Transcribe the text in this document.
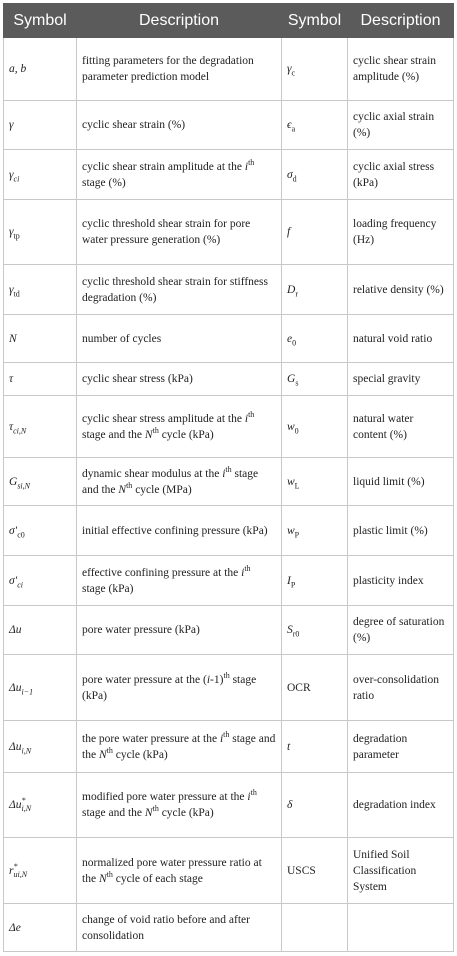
Symbol	Description	Symbol	Description
a, b	fitting parameters for the degradation parameter prediction model	$\gamma_c$	cyclic shear strain amplitude (%)
γ	cyclic shear strain (%)	$\epsilon_a$	cyclic axial strain (%)
$\gamma_{ci}$	cyclic shear strain amplitude at the $i^{th}$ stage (%)	$\sigma_d$	cyclic axial stress (kPa)
$\gamma_{tp}$	cyclic threshold shear strain for pore water pressure generation (%)	f	loading frequency (Hz)
$\gamma_{td}$	cyclic threshold shear strain for stiffness degradation (%)	$D_r$	relative density (%)
N	number of cycles	$e_0$	natural void ratio
τ	cyclic shear stress (kPa)	$G_s$	special gravity
$\tau_{ci,N}$	cyclic shear stress amplitude at the $i^{th}$ stage and the $N^{th}$ cycle (kPa)	$w_0$	natural water content (%)
$G_{si,N}$	dynamic shear modulus at the $i^{th}$ stage and the $N^{th}$ cycle (MPa)	$w_L$	liquid limit (%)
$\sigma'_{c0}$	initial effective confining pressure (kPa)	$w_P$	plastic limit (%)
$\sigma'_{ci}$	effective confining pressure at the $i^{th}$ stage (kPa)	$I_P$	plasticity index
Δu	pore water pressure (kPa)	$S_{r0}$	degree of saturation (%)
$\Delta u_{i-1}$	pore water pressure at the $(i-1)^{th}$ stage (kPa)	OCR	over-consolidation ratio
$\Delta u_{i,N}$	the pore water pressure at the $i^{th}$ stage and the $N^{th}$ cycle (kPa)	t	degradation parameter
$\Delta u^*_{i,N}$	modified pore water pressure at the $i^{th}$ stage and the $N^{th}$ cycle (kPa)	δ	degradation index
$r^*_{ui,N}$	normalized pore water pressure ratio at the $N^{th}$ cycle of each stage	USCS	Unified Soil Classification System
Δe	change of void ratio before and after consolidation		
